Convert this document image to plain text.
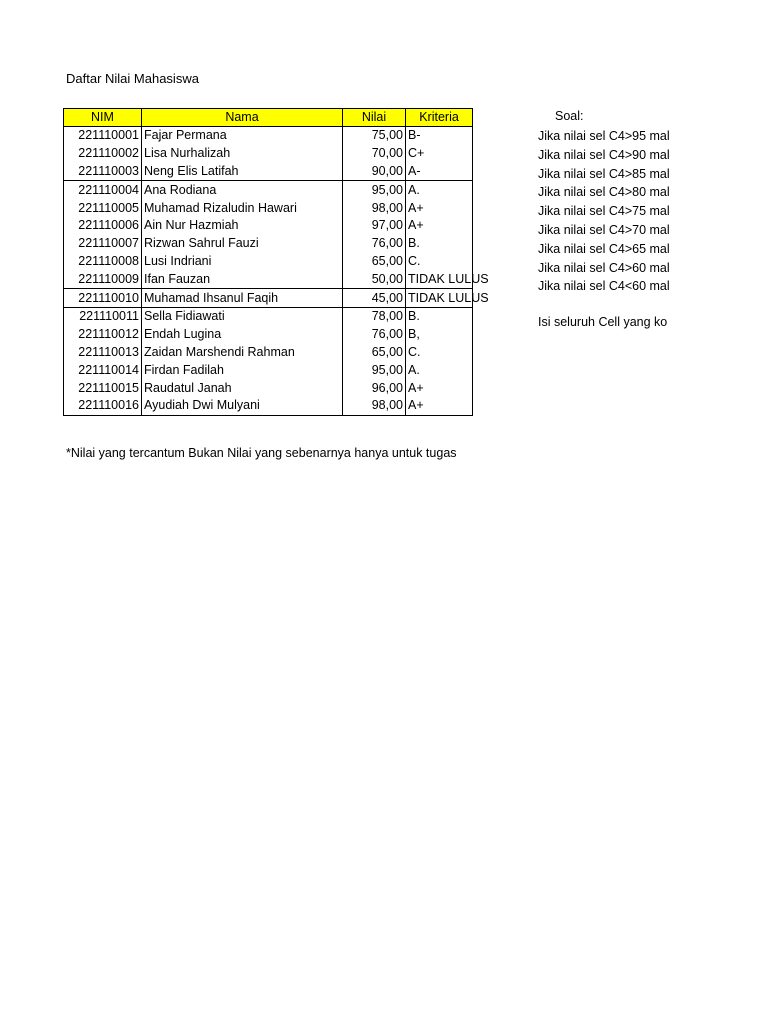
Daftar Nilai Mahasiswa
NIM	Nama	Nilai	Kriteria
221110001	Fajar Permana	75,00	B-
221110002	Lisa Nurhalizah	70,00	C+
221110003	Neng Elis Latifah	90,00	A-
221110004	Ana Rodiana	95,00	A.
221110005	Muhamad Rizaludin Hawari	98,00	A+
221110006	Ain Nur Hazmiah	97,00	A+
221110007	Rizwan Sahrul Fauzi	76,00	B.
221110008	Lusi Indriani	65,00	C.
221110009	Ifan Fauzan	50,00	TIDAK LULUS
221110010	Muhamad Ihsanul Faqih	45,00	TIDAK LULUS
221110011	Sella Fidiawati	78,00	B.
221110012	Endah Lugina	76,00	B,
221110013	Zaidan Marshendi Rahman	65,00	C.
221110014	Firdan Fadilah	95,00	A.
221110015	Raudatul Janah	96,00	A+
221110016	Ayudiah Dwi Mulyani	98,00	A+
Soal:
Jika nilai sel C4>95 mal
Jika nilai sel C4>90 mal
Jika nilai sel C4>85 mal
Jika nilai sel C4>80 mal
Jika nilai sel C4>75 mal
Jika nilai sel C4>70 mal
Jika nilai sel C4>65 mal
Jika nilai sel C4>60 mal
Jika nilai sel C4<60 mal
Isi seluruh Cell yang ko
*Nilai yang tercantum Bukan Nilai yang sebenarnya hanya untuk tugas
